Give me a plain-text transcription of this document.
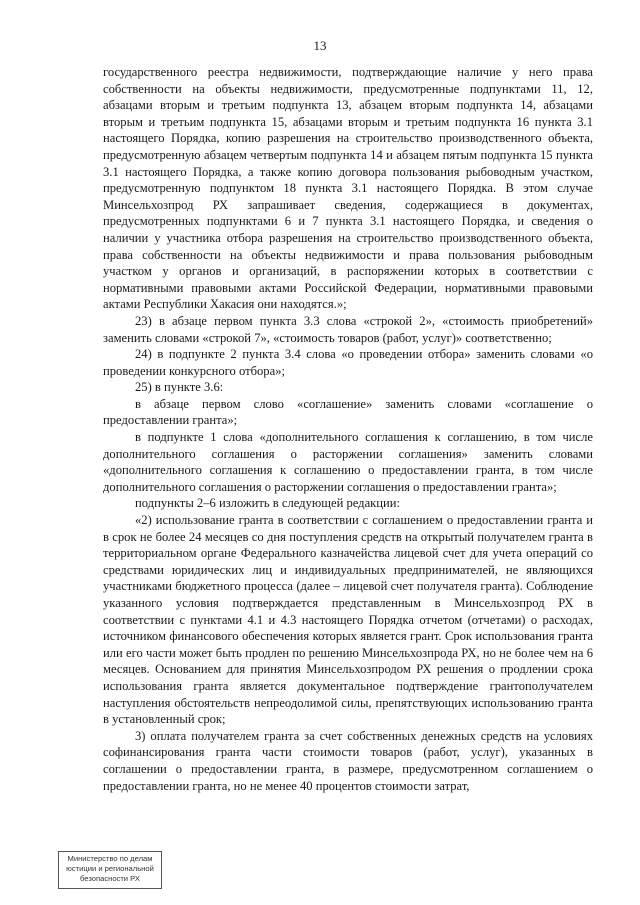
13

государственного реестра недвижимости, подтверждающие наличие у него права собственности на объекты недвижимости, предусмотренные подпунктами 11, 12, абзацами вторым и третьим подпункта 13, абзацем вторым подпункта 14, абзацами вторым и третьим подпункта 15, абзацами вторым и третьим подпункта 16 пункта 3.1 настоящего Порядка, копию разрешения на строительство производственного объекта, предусмотренную абзацем четвертым подпункта 14 и абзацем пятым подпункта 15 пункта 3.1 настоящего Порядка, а также копию договора пользования рыбоводным участком, предусмотренную подпунктом 18 пункта 3.1 настоящего Порядка. В этом случае Минсельхозпрод РХ запрашивает сведения, содержащиеся в документах, предусмотренных подпунктами 6 и 7 пункта 3.1 настоящего Порядка, и сведения о наличии у участника отбора разрешения на строительство производственного объекта, права собственности на объекты недвижимости и права пользования рыбоводным участком у органов и организаций, в распоряжении которых в соответствии с нормативными правовыми актами Российской Федерации, нормативными правовыми актами Республики Хакасия они находятся.»;

23) в абзаце первом пункта 3.3 слова «строкой 2», «стоимость приобретений» заменить словами «строкой 7», «стоимость товаров (работ, услуг)» соответственно;

24) в подпункте 2 пункта 3.4 слова «о проведении отбора» заменить словами «о проведении конкурсного отбора»;

25) в пункте 3.6:

в абзаце первом слово «соглашение» заменить словами «соглашение о предоставлении гранта»;

в подпункте 1 слова «дополнительного соглашения к соглашению, в том числе дополнительного соглашения о расторжении соглашения» заменить словами «дополнительного соглашения к соглашению о предоставлении гранта, в том числе дополнительного соглашения о расторжении соглашения о предоставлении гранта»;

подпункты 2–6 изложить в следующей редакции:

«2) использование гранта в соответствии с соглашением о предоставлении гранта и в срок не более 24 месяцев со дня поступления средств на открытый получателем гранта в территориальном органе Федерального казначейства лицевой счет для учета операций со средствами юридических лиц и индивидуальных предпринимателей, не являющихся участниками бюджетного процесса (далее – лицевой счет получателя гранта). Соблюдение указанного условия подтверждается представленным в Минсельхозпрод РХ в соответствии с пунктами 4.1 и 4.3 настоящего Порядка отчетом (отчетами) о расходах, источником финансового обеспечения которых является грант. Срок использования гранта или его части может быть продлен по решению Минсельхозпрода РХ, но не более чем на 6 месяцев. Основанием для принятия Минсельхозпродом РХ решения о продлении срока использования гранта является документальное подтверждение грантополучателем наступления обстоятельств непреодолимой силы, препятствующих использованию гранта в установленный срок;

3) оплата получателем гранта за счет собственных денежных средств на условиях софинансирования гранта части стоимости товаров (работ, услуг), указанных в соглашении о предоставлении гранта, в размере, предусмотренном соглашением о предоставлении гранта, но не менее 40 процентов стоимости затрат,

Министерство по делам
юстиции и региональной
безопасности РХ
